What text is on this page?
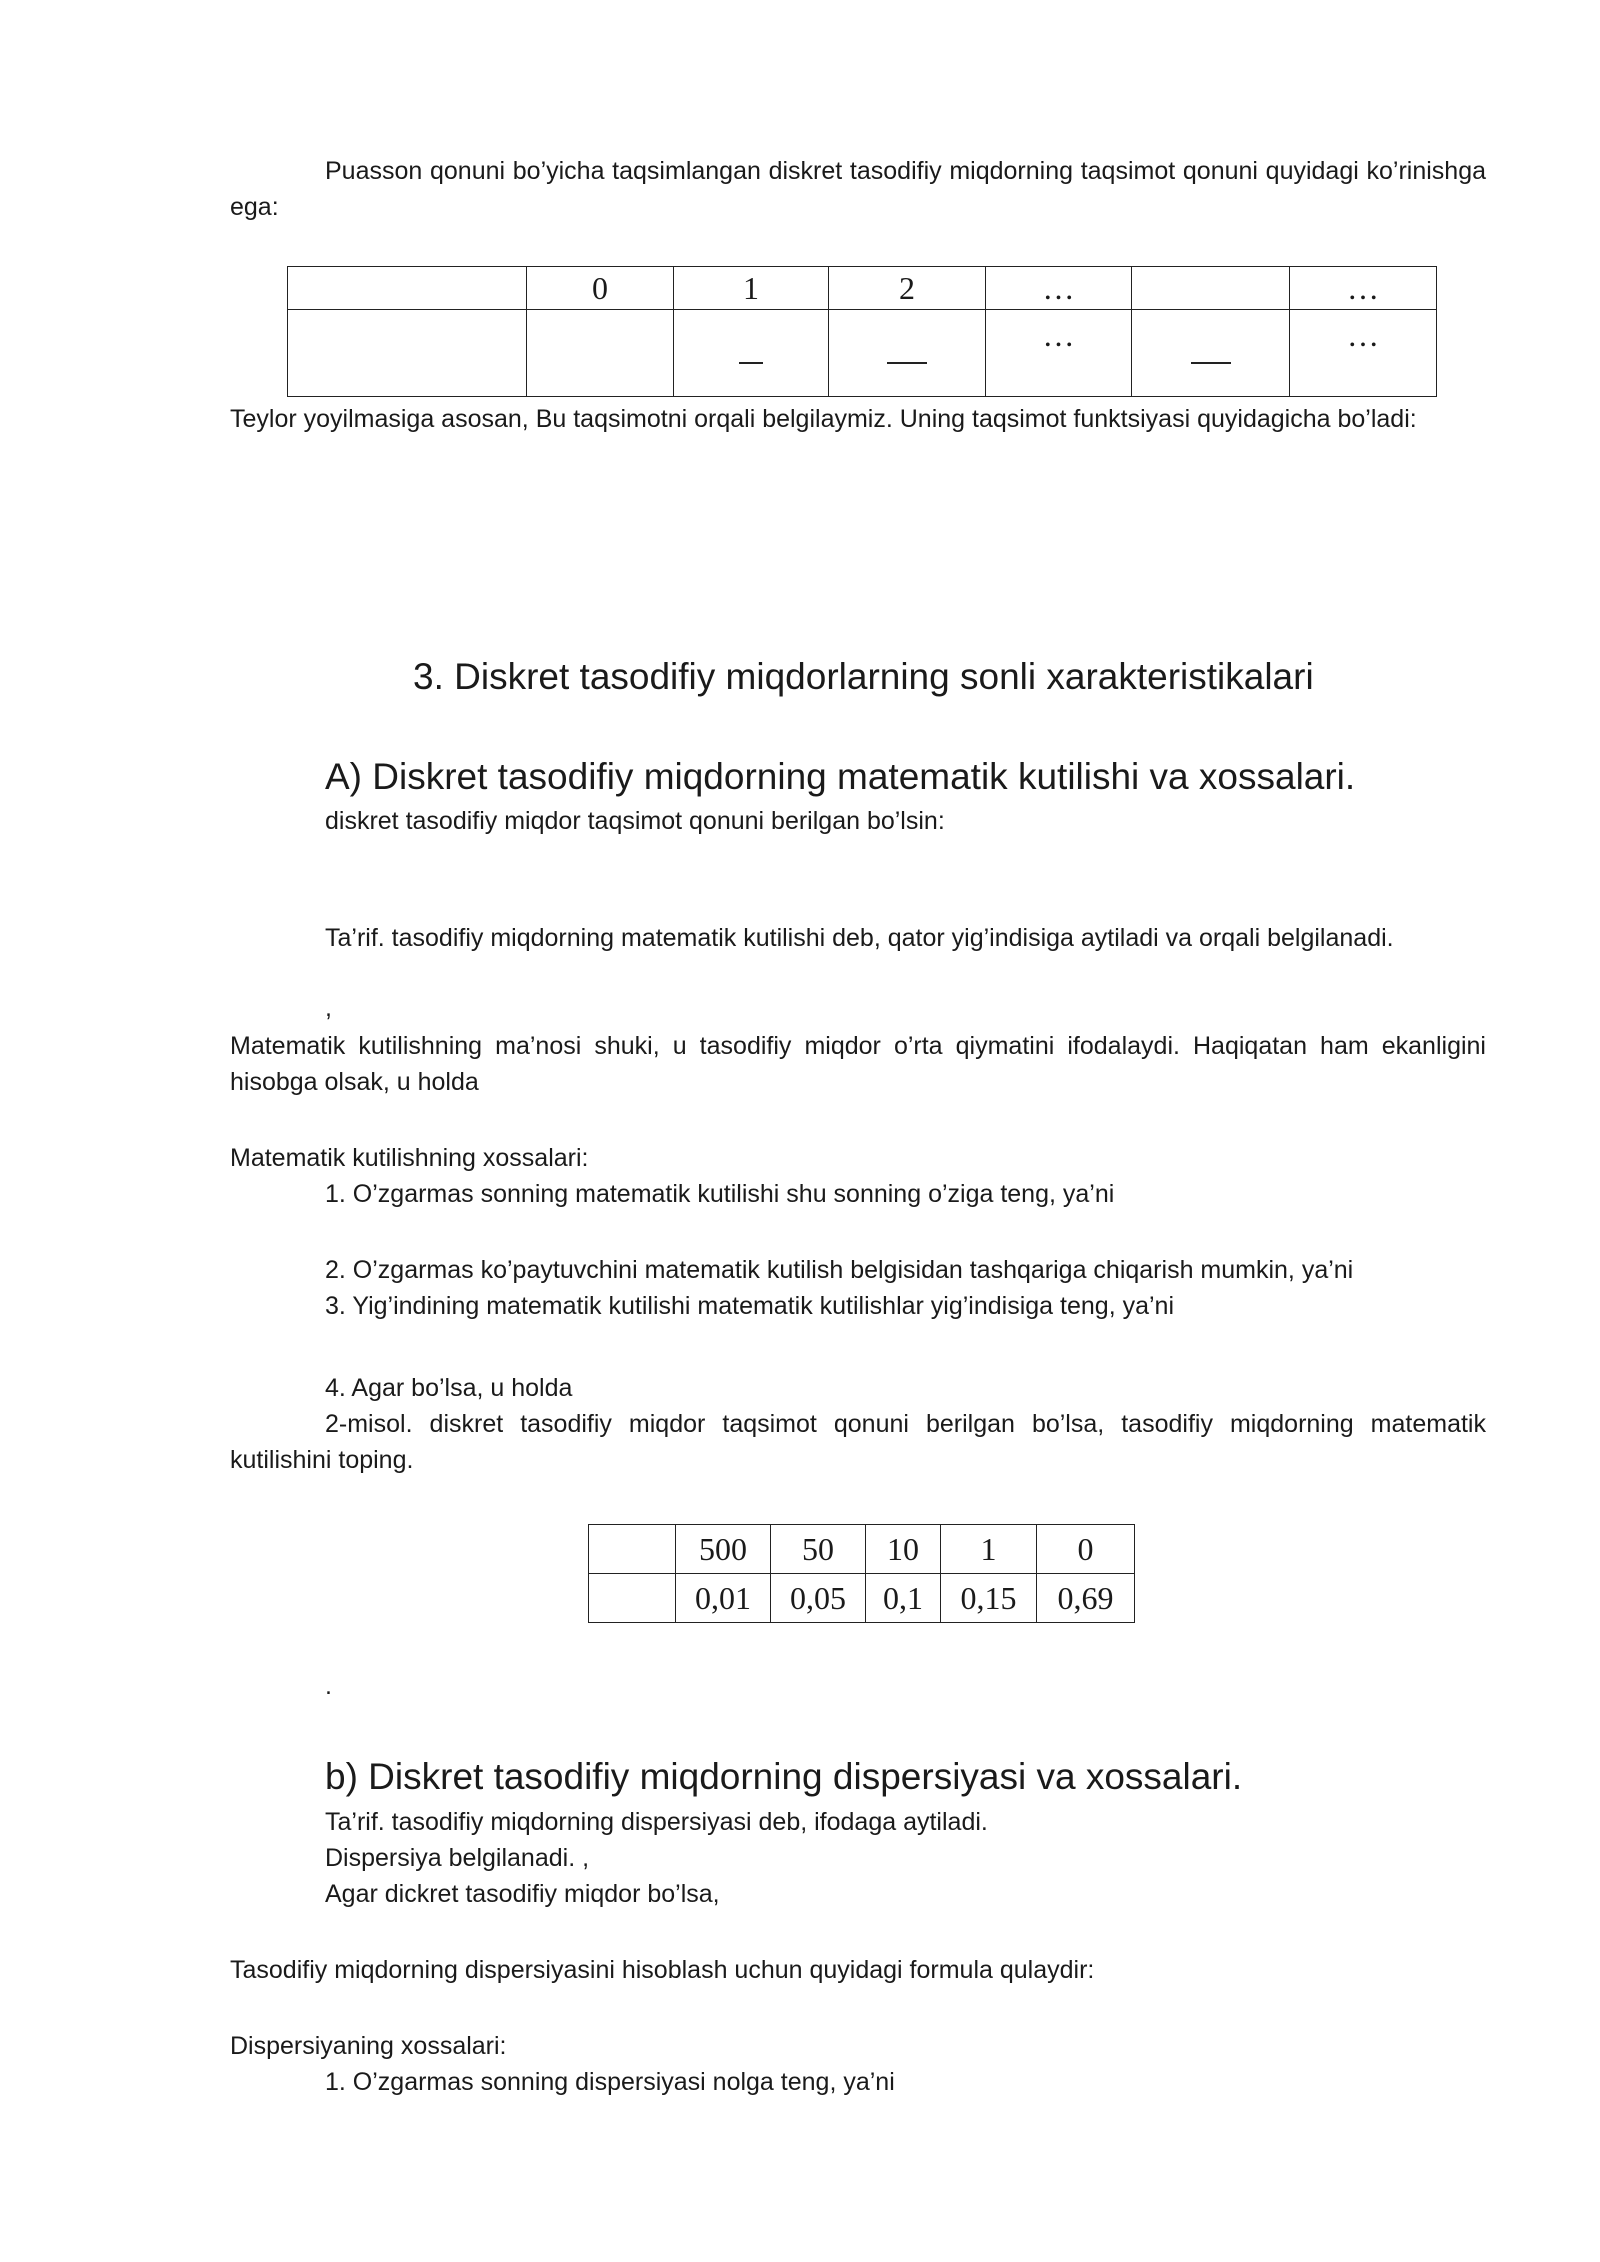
Puasson qonuni bo’yicha taqsimlangan diskret tasodifiy miqdorning taqsimot qonuni quyidagi ko’rinishga ega:
	0	1	2	…		…
				…		…
Teylor yoyilmasiga asosan, Bu taqsimotni orqali belgilaymiz. Uning taqsimot funktsiyasi quyidagicha bo’ladi:
3. Diskret tasodifiy miqdorlarning sonli xarakteristikalari
A) Diskret tasodifiy miqdorning matematik kutilishi va xossalari.
diskret tasodifiy miqdor taqsimot qonuni berilgan bo’lsin:
Ta’rif. tasodifiy miqdorning matematik kutilishi deb, qator yig’indisiga aytiladi va orqali belgilanadi.
,
Matematik kutilishning ma’nosi shuki, u tasodifiy miqdor o’rta qiymatini ifodalaydi. Haqiqatan ham ekanligini hisobga olsak, u holda
Matematik kutilishning xossalari:
1. O’zgarmas sonning matematik kutilishi shu sonning o’ziga teng, ya’ni
2. O’zgarmas ko’paytuvchini matematik kutilish belgisidan tashqariga chiqarish mumkin, ya’ni
3. Yig’indining matematik kutilishi matematik kutilishlar yig’indisiga teng, ya’ni
4. Agar bo’lsa, u holda
2-misol. diskret tasodifiy miqdor taqsimot qonuni berilgan bo’lsa, tasodifiy miqdorning matematik kutilishini toping.
	500	50	10	1	0
	0,01	0,05	0,1	0,15	0,69
.
b) Diskret tasodifiy miqdorning dispersiyasi va xossalari.
Ta’rif. tasodifiy miqdorning dispersiyasi deb, ifodaga aytiladi.
Dispersiya belgilanadi. ,
Agar dickret tasodifiy miqdor bo’lsa,
Tasodifiy miqdorning dispersiyasini hisoblash uchun quyidagi formula qulaydir:
Dispersiyaning xossalari:
1. O’zgarmas sonning dispersiyasi nolga teng, ya’ni
